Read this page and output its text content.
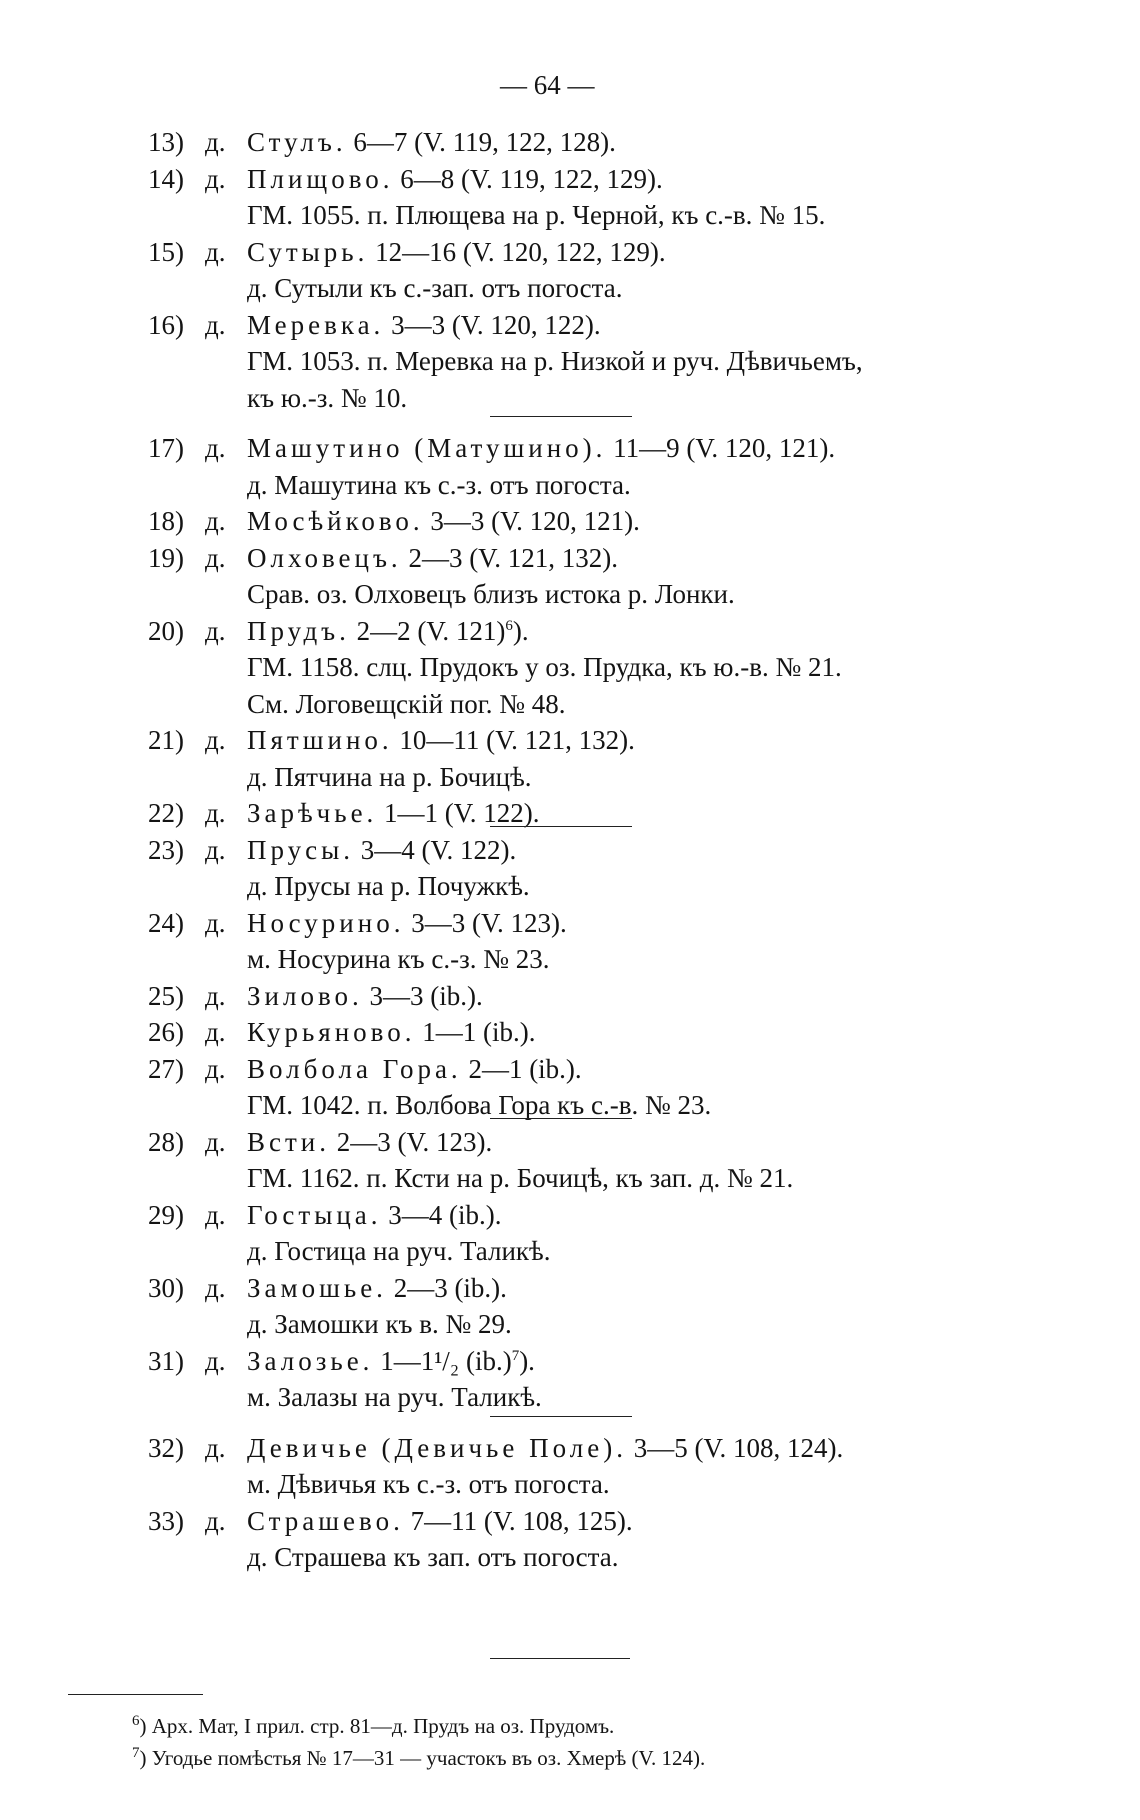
— 64 —
13) д. Стулъ. 6—7 (V. 119, 122, 128).
14) д. Плищово. 6—8 (V. 119, 122, 129).
ГМ. 1055. п. Плющева на р. Черной, къ с.-в. № 15.
15) д. Сутырь. 12—16 (V. 120, 122, 129).
д. Сутыли къ с.-зап. отъ погоста.
16) д. Меревка. 3—3 (V. 120, 122).
ГМ. 1053. п. Меревка на р. Низкой и руч. Дѣвичьемъ,
къ ю.-з. № 10.
17) д. Машутино (Матушино). 11—9 (V. 120, 121).
д. Машутина къ с.-з. отъ погоста.
18) д. Мосѣйково. 3—3 (V. 120, 121).
19) д. Олховецъ. 2—3 (V. 121, 132).
Срав. оз. Олховецъ близъ истока р. Лонки.
20) д. Прудъ. 2—2 (V. 121)$^6$).
ГМ. 1158. слц. Прудокъ у оз. Прудка, къ ю.-в. № 21.
См. Логовещскій пог. № 48.
21) д. Пятшино. 10—11 (V. 121, 132).
д. Пятчина на р. Бочицѣ.
22) д. Зарѣчье. 1—1 (V. 122).
23) д. Прусы. 3—4 (V. 122).
д. Прусы на р. Почужкѣ.
24) д. Носурино. 3—3 (V. 123).
м. Носурина къ с.-з. № 23.
25) д. Зилово. 3—3 (ib.).
26) д. Курьяново. 1—1 (ib.).
27) д. Волбола Гора. 2—1 (ib.).
ГМ. 1042. п. Волбова Гора къ с.-в. № 23.
28) д. Всти. 2—3 (V. 123).
ГМ. 1162. п. Ксти на р. Бочицѣ, къ зап. д. № 21.
29) д. Гостыца. 3—4 (ib.).
д. Гостица на руч. Таликѣ.
30) д. Замошье. 2—3 (ib.).
д. Замошки къ в. № 29.
31) д. Залозье. 1—1¹/₂ $(ib.)^7$).
м. Залазы на руч. Таликѣ.
32) д. Девичье (Девичье Поле). 3—5 (V. 108, 124).
м. Дѣвичья къ с.-з. отъ погоста.
33) д. Страшево. 7—11 (V. 108, 125).
д. Страшева къ зап. отъ погоста.
$^6$) Арх. Мат, I прил. стр. 81—д. Прудъ на оз. Прудомъ.
$^7$) Угодье помѣстья № 17—31 — участокъ въ оз. Хмерѣ (V. 124).
